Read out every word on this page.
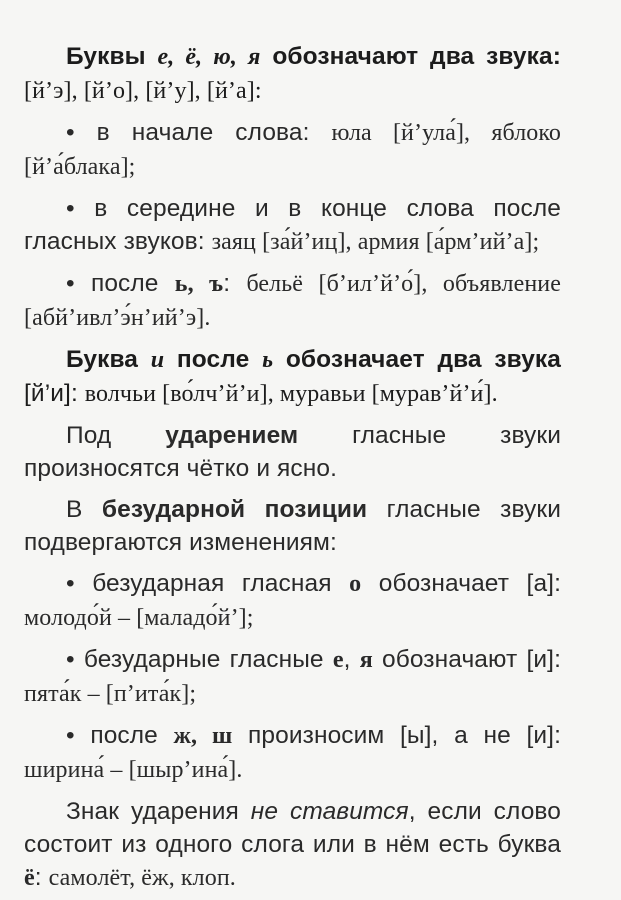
Буквы е, ё, ю, я обозначают два звука: [й’э], [й’о], [й’у], [й’а]:

• в начале слова: юла [й’ула́], яблоко [й’а́блака];

• в середине и в конце слова после гласных звуков: заяц [за́й’иц], армия [а́рм’ий’а];

• после ь, ъ: бельё [б’ил’й’о́], объявление [абй’ивл’э́н’ий’э].

Буква и после ь обозначает два звука [й’и]: волчьи [во́лч’й’и], муравьи [мурав’й’и́].

Под ударением гласные звуки произносятся чётко и ясно.

В безударной позиции гласные звуки подвергаются изменениям:

• безударная гласная о обозначает [а]: молодо́й – [маладо́й’];

• безударные гласные е, я обозначают [и]: пята́к – [п’ита́к];

• после ж, ш произносим [ы], а не [и]: ширина́ – [шыр’ина́].

Знак ударения не ставится, если слово состоит из одного слога или в нём есть буква ё: самолёт, ёж, клоп.
